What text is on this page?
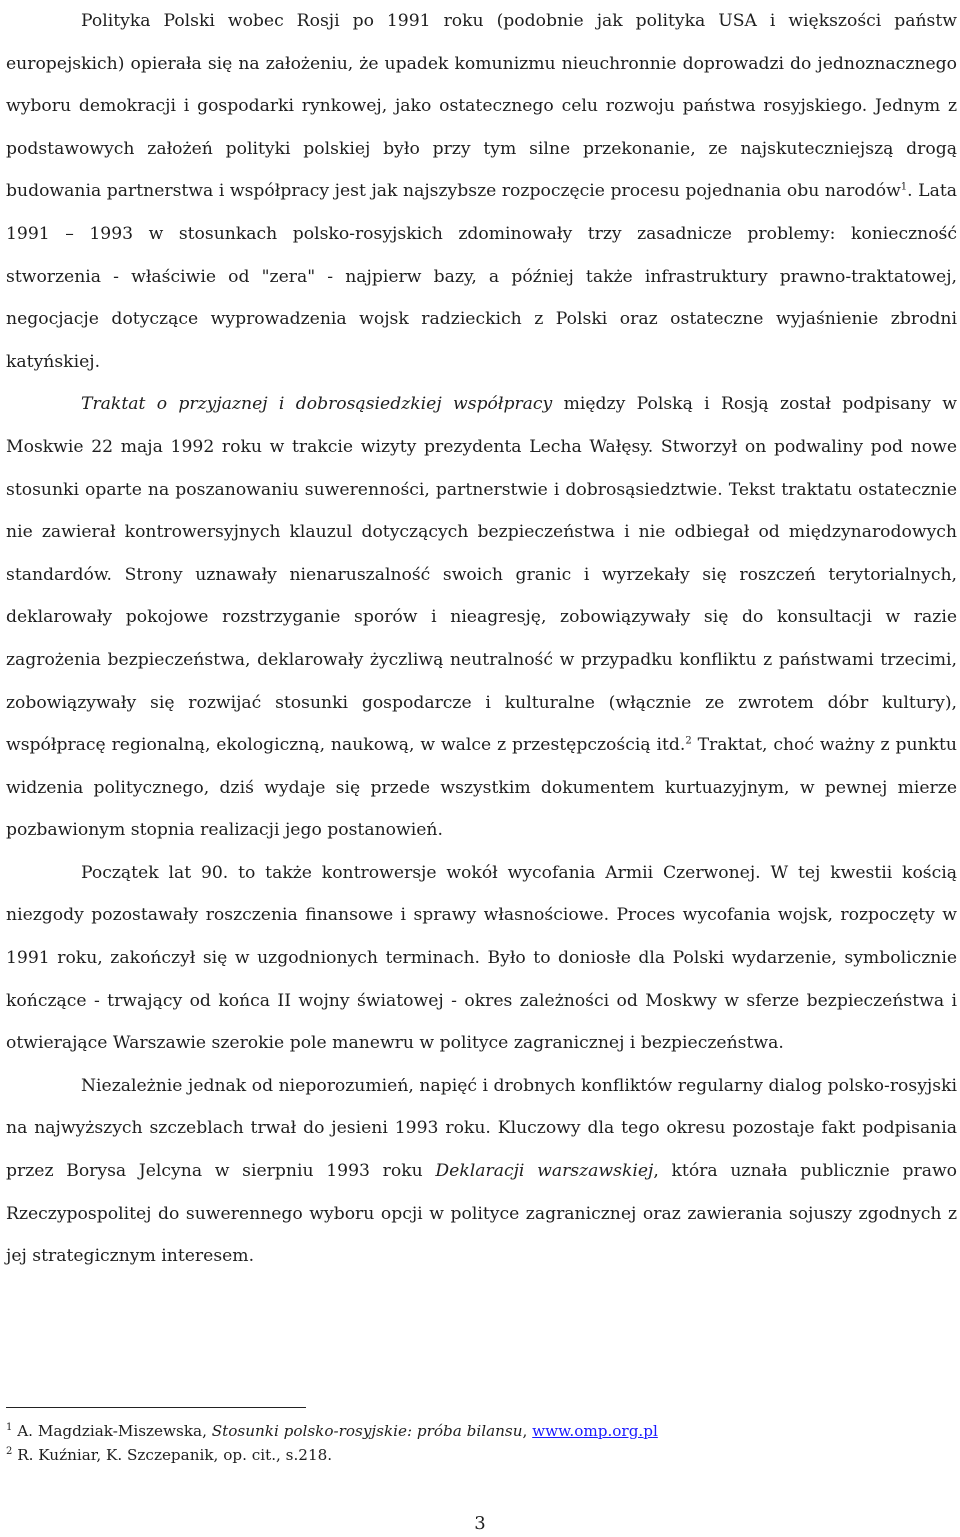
Polityka Polski wobec Rosji po 1991 roku (podobnie jak polityka USA i większości państw europejskich) opierała się na założeniu, że upadek komunizmu nieuchronnie doprowadzi do jednoznacznego wyboru demokracji i gospodarki rynkowej, jako ostatecznego celu rozwoju państwa rosyjskiego. Jednym z podstawowych założeń polityki polskiej było przy tym silne przekonanie, ze najskuteczniejszą drogą budowania partnerstwa i współpracy jest jak najszybsze rozpoczęcie procesu pojednania obu narodów$^1$. Lata 1991 – 1993 w stosunkach polsko-rosyjskich zdominowały trzy zasadnicze problemy: konieczność stworzenia - właściwie od "zera" - najpierw bazy, a później także infrastruktury prawno-traktatowej, negocjacje dotyczące wyprowadzenia wojsk radzieckich z Polski oraz ostateczne wyjaśnienie zbrodni katyńskiej.

Traktat o przyjaznej i dobrosąsiedzkiej współpracy między Polską i Rosją został podpisany w Moskwie 22 maja 1992 roku w trakcie wizyty prezydenta Lecha Wałęsy. Stworzył on podwaliny pod nowe stosunki oparte na poszanowaniu suwerenności, partnerstwie i dobrosąsiedztwie. Tekst traktatu ostatecznie nie zawierał kontrowersyjnych klauzul dotyczących bezpieczeństwa i nie odbiegał od międzynarodowych standardów. Strony uznawały nienaruszalność swoich granic i wyrzekały się roszczeń terytorialnych, deklarowały pokojowe rozstrzyganie sporów i nieagresję, zobowiązywały się do konsultacji w razie zagrożenia bezpieczeństwa, deklarowały życzliwą neutralność w przypadku konfliktu z państwami trzecimi, zobowiązywały się rozwijać stosunki gospodarcze i kulturalne (włącznie ze zwrotem dóbr kultury), współpracę regionalną, ekologiczną, naukową, w walce z przestępczością itd.$^2$ Traktat, choć ważny z punktu widzenia politycznego, dziś wydaje się przede wszystkim dokumentem kurtuazyjnym, w pewnej mierze pozbawionym stopnia realizacji jego postanowień.

Początek lat 90. to także kontrowersje wokół wycofania Armii Czerwonej. W tej kwestii kością niezgody pozostawały roszczenia finansowe i sprawy własnościowe. Proces wycofania wojsk, rozpoczęty w 1991 roku, zakończył się w uzgodnionych terminach. Było to doniosłe dla Polski wydarzenie, symbolicznie kończące - trwający od końca II wojny światowej - okres zależności od Moskwy w sferze bezpieczeństwa i otwierające Warszawie szerokie pole manewru w polityce zagranicznej i bezpieczeństwa.

Niezależnie jednak od nieporozumień, napięć i drobnych konfliktów regularny dialog polsko-rosyjski na najwyższych szczeblach trwał do jesieni 1993 roku. Kluczowy dla tego okresu pozostaje fakt podpisania przez Borysa Jelcyna w sierpniu 1993 roku Deklaracji warszawskiej, która uznała publicznie prawo Rzeczypospolitej do suwerennego wyboru opcji w polityce zagranicznej oraz zawierania sojuszy zgodnych z jej strategicznym interesem.

$^1$ A. Magdziak-Miszewska, Stosunki polsko-rosyjskie: próba bilansu, www.omp.org.pl
$^2$ R. Kuźniar, K. Szczepanik, op. cit., s.218.
3
